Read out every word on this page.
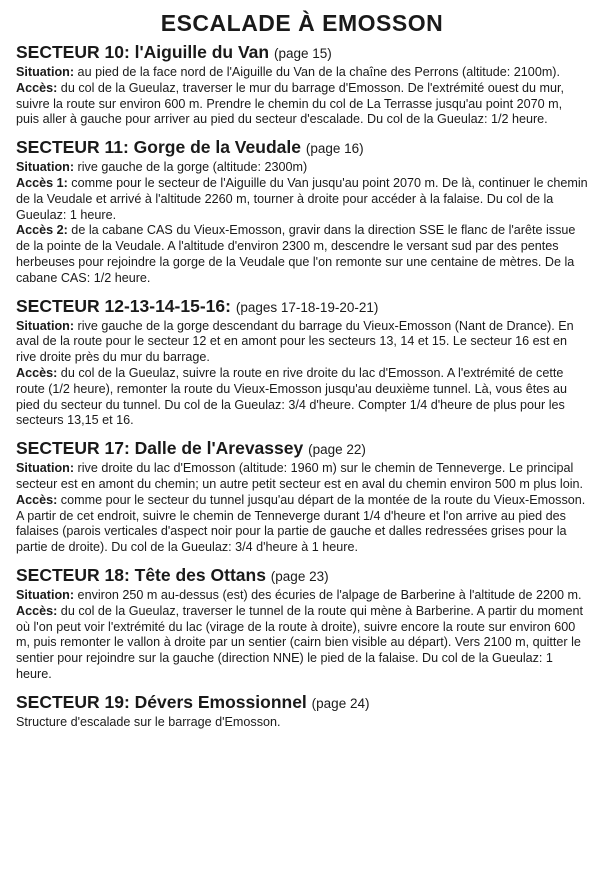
ESCALADE À EMOSSON
SECTEUR 10: l'Aiguille du Van (page 15)

Situation: au pied de la face nord de l'Aiguille du Van de la chaîne des Perrons (altitude: 2100m).

Accès: du col de la Gueulaz, traverser le mur du barrage d'Emosson. De l'extrémité ouest du mur, suivre la route sur environ 600 m. Prendre le chemin du col de La Terrasse jusqu'au point 2070 m, puis aller à gauche pour arriver au pied du secteur d'escalade. Du col de la Gueulaz: 1/2 heure.

SECTEUR 11: Gorge de la Veudale (page 16)

Situation: rive gauche de la gorge (altitude: 2300m)

Accès 1: comme pour le secteur de l'Aiguille du Van jusqu'au point 2070 m. De là, continuer le chemin de la Veudale et arrivé à l'altitude 2260 m, tourner à droite pour accéder à la falaise. Du col de la Gueulaz: 1 heure.

Accès 2: de la cabane CAS du Vieux-Emosson, gravir dans la direction SSE le flanc de l'arête issue de la pointe de la Veudale. A l'altitude d'environ 2300 m, descendre le versant sud par des pentes herbeuses pour rejoindre la gorge de la Veudale que l'on remonte sur une centaine de mètres. De la cabane CAS: 1/2 heure.

SECTEUR 12-13-14-15-16: (pages 17-18-19-20-21)

Situation: rive gauche de la gorge descendant du barrage du Vieux-Emosson (Nant de Drance). En aval de la route pour le secteur 12 et en amont pour les secteurs 13, 14 et 15. Le secteur 16 est en rive droite près du mur du barrage.

Accès: du col de la Gueulaz, suivre la route en rive droite du lac d'Emosson. A l'extrémité de cette route (1/2 heure), remonter la route du Vieux-Emosson jusqu'au deuxième tunnel. Là, vous êtes au pied du secteur du tunnel. Du col de la Gueulaz: 3/4 d'heure. Compter 1/4 d'heure de plus pour les secteurs 13,15 et 16.

SECTEUR 17: Dalle de l'Arevassey (page 22)

Situation: rive droite du lac d'Emosson (altitude: 1960 m) sur le chemin de Tenneverge. Le principal secteur est en amont du chemin; un autre petit secteur est en aval du chemin environ 500 m plus loin.

Accès: comme pour le secteur du tunnel jusqu'au départ de la montée de la route du Vieux-Emosson. A partir de cet endroit, suivre le chemin de Tenneverge durant 1/4 d'heure et l'on arrive au pied des falaises (parois verticales d'aspect noir pour la partie de gauche et dalles redressées grises pour la partie de droite). Du col de la Gueulaz: 3/4 d'heure à 1 heure.

SECTEUR 18: Tête des Ottans (page 23)

Situation: environ 250 m au-dessus (est) des écuries de l'alpage de Barberine à l'altitude de 2200 m.

Accès: du col de la Gueulaz, traverser le tunnel de la route qui mène à Barberine. A partir du moment où l'on peut voir l'extrémité du lac (virage de la route à droite), suivre encore la route sur environ 600 m, puis remonter le vallon à droite par un sentier (cairn bien visible au départ). Vers 2100 m, quitter le sentier pour rejoindre sur la gauche (direction NNE) le pied de la falaise. Du col de la Gueulaz: 1 heure.

SECTEUR 19: Dévers Emossionnel (page 24)

Structure d'escalade sur le barrage d'Emosson.
